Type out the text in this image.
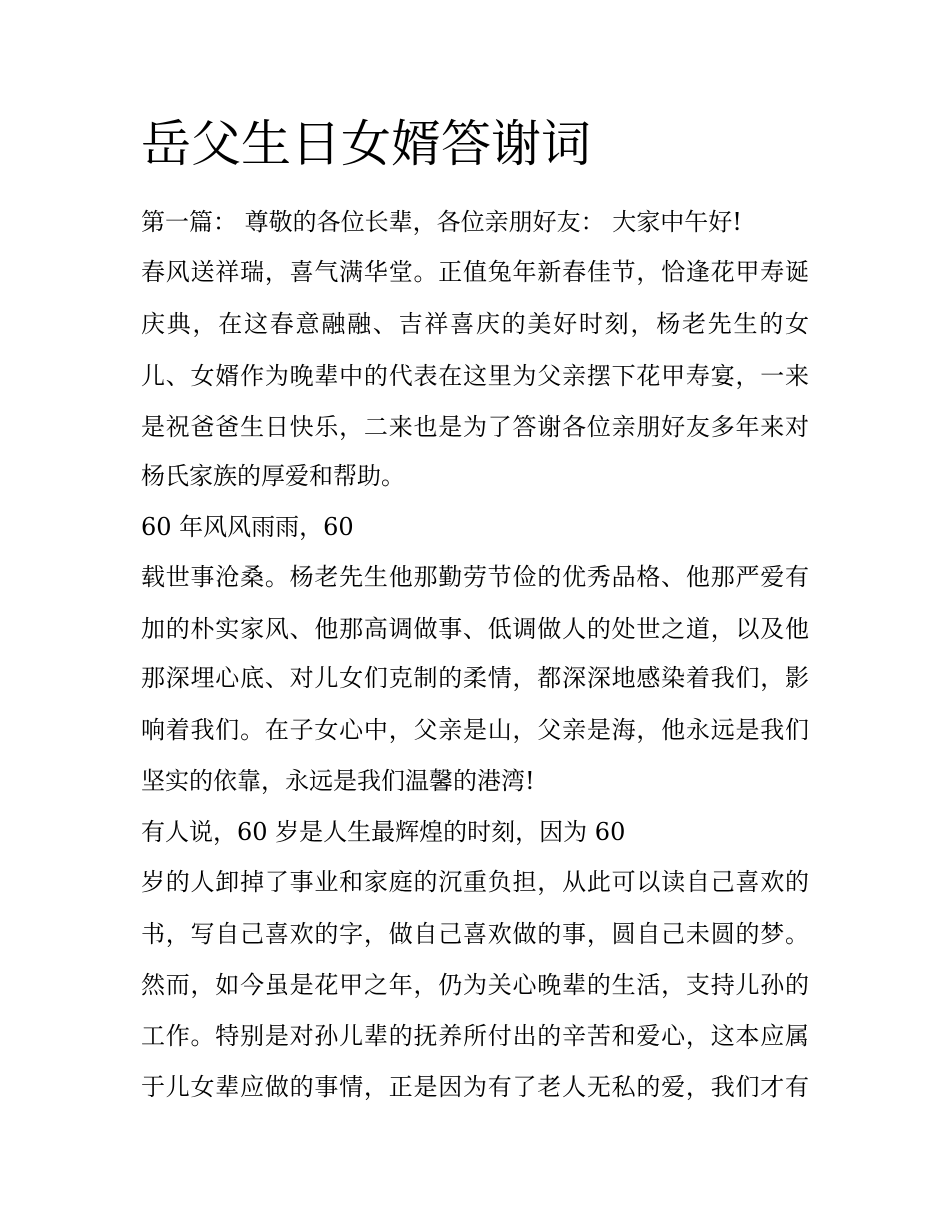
岳父生日女婿答谢词

第一篇： 尊敬的各位长辈，各位亲朋好友： 大家中午好!

春风送祥瑞，喜气满华堂。正值兔年新春佳节，恰逢花甲寿诞

庆典，在这春意融融、吉祥喜庆的美好时刻，杨老先生的女

儿、女婿作为晚辈中的代表在这里为父亲摆下花甲寿宴，一来

是祝爸爸生日快乐，二来也是为了答谢各位亲朋好友多年来对

杨氏家族的厚爱和帮助。

60 年风风雨雨，60

载世事沧桑。杨老先生他那勤劳节俭的优秀品格、他那严爱有

加的朴实家风、他那高调做事、低调做人的处世之道，以及他

那深埋心底、对儿女们克制的柔情，都深深地感染着我们，影

响着我们。在子女心中，父亲是山，父亲是海，他永远是我们

坚实的依靠，永远是我们温馨的港湾!

有人说，60 岁是人生最辉煌的时刻，因为 60

岁的人卸掉了事业和家庭的沉重负担，从此可以读自己喜欢的

书，写自己喜欢的字，做自己喜欢做的事，圆自己未圆的梦。

然而，如今虽是花甲之年，仍为关心晚辈的生活，支持儿孙的

工作。特别是对孙儿辈的抚养所付出的辛苦和爱心，这本应属

于儿女辈应做的事情，正是因为有了老人无私的爱，我们才有
